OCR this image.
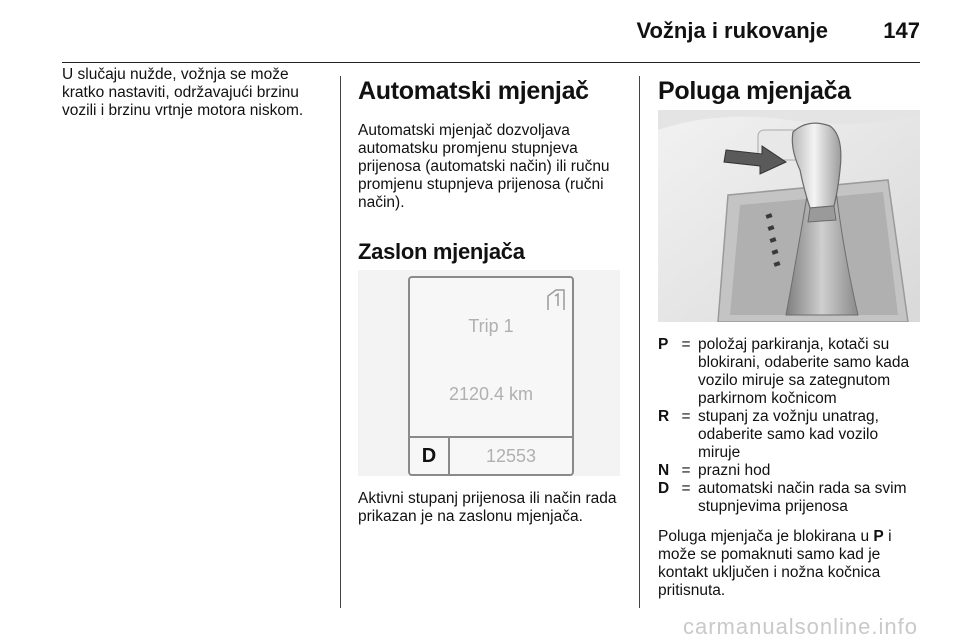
Vožnja i rukovanje	147

U slučaju nužde, vožnja se može kratko nastaviti, održavajući brzinu vozili i brzinu vrtnje motora niskom.

Automatski mjenjač

Automatski mjenjač dozvoljava automatsku promjenu stupnjeva prijenosa (automatski način) ili ručnu promjenu stupnjeva prijenosa (ručni način).

Zaslon mjenjača
Trip 1
2120.4 km
D	12553

Aktivni stupanj prijenosa ili način rada prikazan je na zaslonu mjenjača.

Poluga mjenjača
P = položaj parkiranja, kotači su blokirani, odaberite samo kada vozilo miruje sa zategnutom parkirnom kočnicom
R = stupanj za vožnju unatrag, odaberite samo kad vozilo miruje
N = prazni hod
D = automatski način rada sa svim stupnjevima prijenosa

Poluga mjenjača je blokirana u P i može se pomaknuti samo kad je kontakt uključen i nožna kočnica pritisnuta.

carmanualsonline.info
